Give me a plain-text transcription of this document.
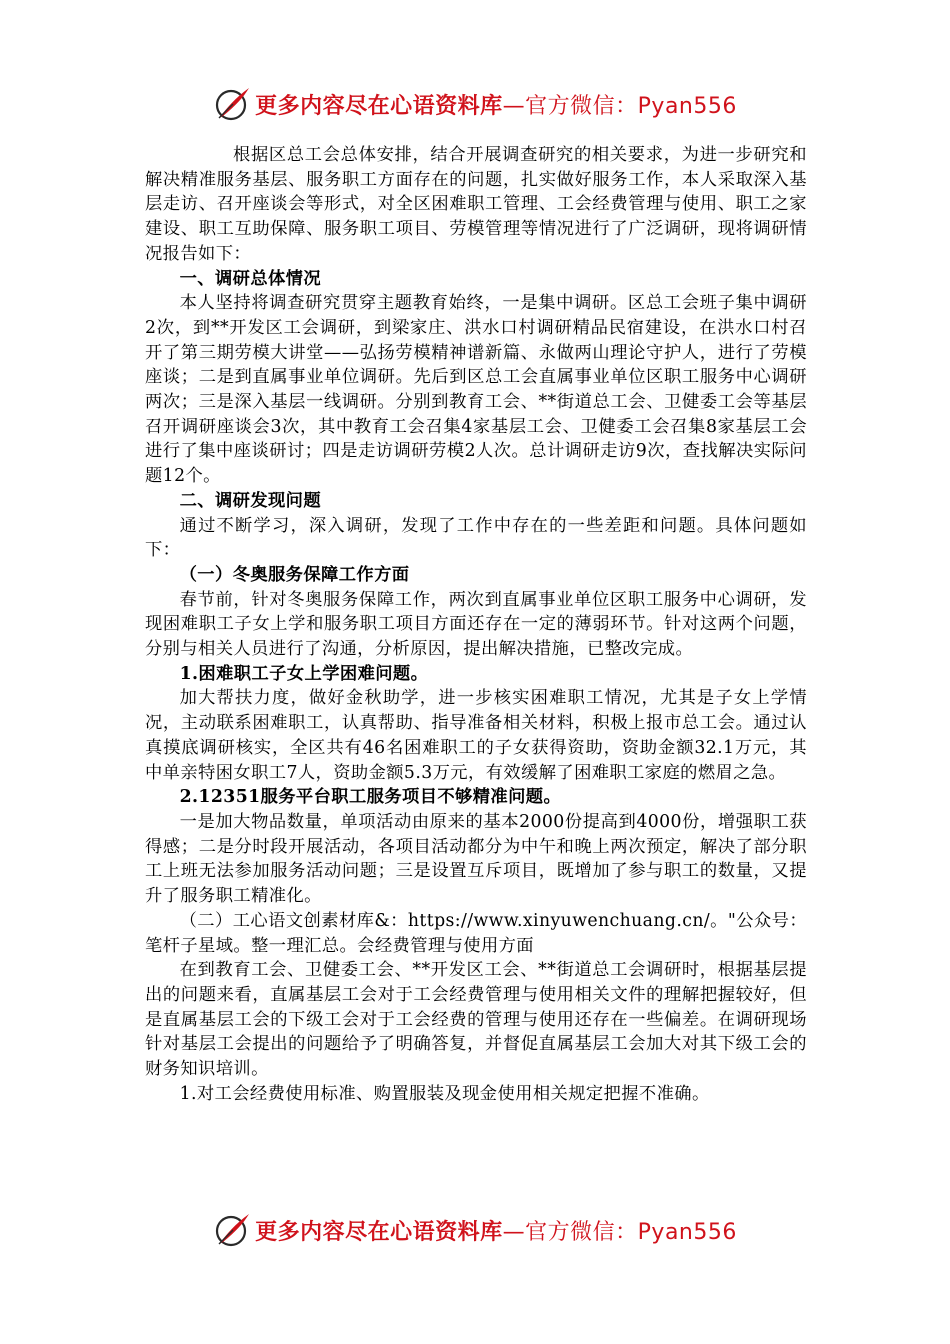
更多内容尽在心语资料库—官方微信：Pyan556

根据区总工会总体安排，结合开展调查研究的相关要求，为进一步研究和解决精准服务基层、服务职工方面存在的问题，扎实做好服务工作，本人采取深入基层走访、召开座谈会等形式，对全区困难职工管理、工会经费管理与使用、职工之家建设、职工互助保障、服务职工项目、劳模管理等情况进行了广泛调研，现将调研情况报告如下：

一、调研总体情况

本人坚持将调查研究贯穿主题教育始终，一是集中调研。区总工会班子集中调研2次，到**开发区工会调研，到梁家庄、洪水口村调研精品民宿建设，在洪水口村召开了第三期劳模大讲堂——弘扬劳模精神谱新篇、永做两山理论守护人，进行了劳模座谈；二是到直属事业单位调研。先后到区总工会直属事业单位区职工服务中心调研两次；三是深入基层一线调研。分别到教育工会、**街道总工会、卫健委工会等基层召开调研座谈会3次，其中教育工会召集4家基层工会、卫健委工会召集8家基层工会进行了集中座谈研讨；四是走访调研劳模2人次。总计调研走访9次，查找解决实际问题12个。

二、调研发现问题

通过不断学习，深入调研，发现了工作中存在的一些差距和问题。具体问题如下：

（一）冬奥服务保障工作方面

春节前，针对冬奥服务保障工作，两次到直属事业单位区职工服务中心调研，发现困难职工子女上学和服务职工项目方面还存在一定的薄弱环节。针对这两个问题，分别与相关人员进行了沟通，分析原因，提出解决措施，已整改完成。

1.困难职工子女上学困难问题。

加大帮扶力度，做好金秋助学，进一步核实困难职工情况，尤其是子女上学情况，主动联系困难职工，认真帮助、指导准备相关材料，积极上报市总工会。通过认真摸底调研核实，全区共有46名困难职工的子女获得资助，资助金额32.1万元，其中单亲特困女职工7人，资助金额5.3万元，有效缓解了困难职工家庭的燃眉之急。

2.12351服务平台职工服务项目不够精准问题。

一是加大物品数量，单项活动由原来的基本2000份提高到4000份，增强职工获得感；二是分时段开展活动，各项目活动都分为中午和晚上两次预定，解决了部分职工上班无法参加服务活动问题；三是设置互斥项目，既增加了参与职工的数量，又提升了服务职工精准化。

（二）工心语文创素材库&：https://www.xinyuwenchuang.cn/。"公众号：笔杆子星域。整一理汇总。会经费管理与使用方面

在到教育工会、卫健委工会、**开发区工会、**街道总工会调研时，根据基层提出的问题来看，直属基层工会对于工会经费管理与使用相关文件的理解把握较好，但是直属基层工会的下级工会对于工会经费的管理与使用还存在一些偏差。在调研现场针对基层工会提出的问题给予了明确答复，并督促直属基层工会加大对其下级工会的财务知识培训。

1.对工会经费使用标准、购置服装及现金使用相关规定把握不准确。

更多内容尽在心语资料库—官方微信：Pyan556
